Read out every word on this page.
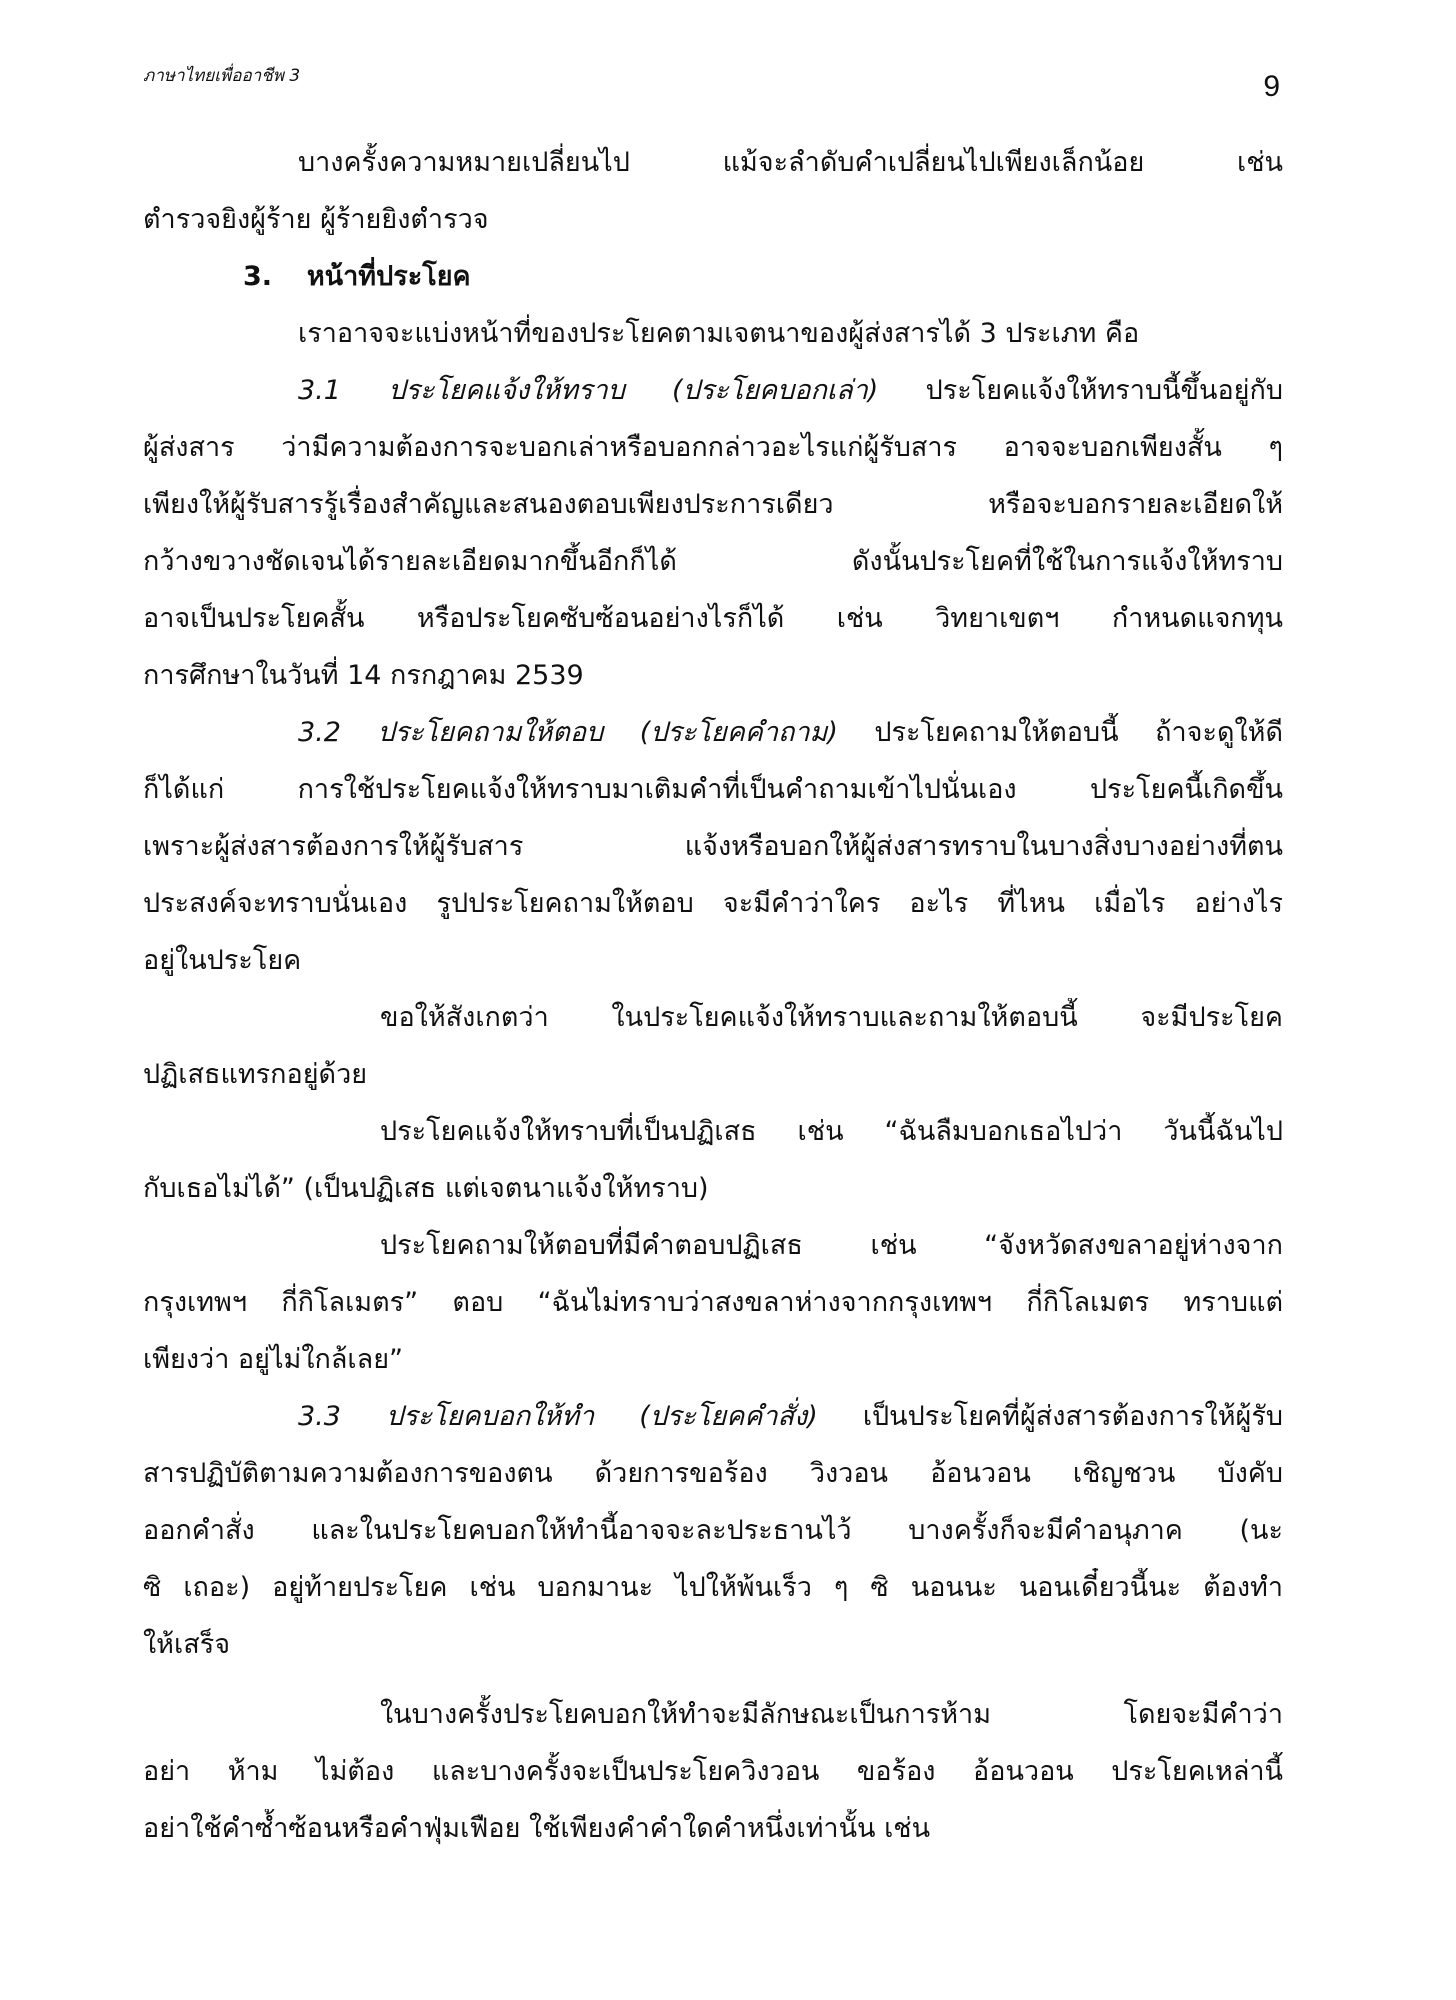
ภาษาไทยเพื่ออาชีพ 3	9
บางครั้งความหมายเปลี่ยนไป แม้จะลำดับคำเปลี่ยนไปเพียงเล็กน้อย เช่น
ตำรวจยิงผู้ร้าย ผู้ร้ายยิงตำรวจ
3. หน้าที่ประโยค
เราอาจจะแบ่งหน้าที่ของประโยคตามเจตนาของผู้ส่งสารได้ 3 ประเภท คือ
3.1 ประโยคแจ้งให้ทราบ (ประโยคบอกเล่า) ประโยคแจ้งให้ทราบนี้ขึ้นอยู่กับ
ผู้ส่งสาร ว่ามีความต้องการจะบอกเล่าหรือบอกกล่าวอะไรแก่ผู้รับสาร อาจจะบอกเพียงสั้น ๆ
เพียงให้ผู้รับสารรู้เรื่องสำคัญและสนองตอบเพียงประการเดียว หรือจะบอกรายละเอียดให้
กว้างขวางชัดเจนได้รายละเอียดมากขึ้นอีกก็ได้ ดังนั้นประโยคที่ใช้ในการแจ้งให้ทราบ
อาจเป็นประโยคสั้น หรือประโยคซับซ้อนอย่างไรก็ได้ เช่น วิทยาเขตฯ กำหนดแจกทุน
การศึกษาในวันที่ 14 กรกฎาคม 2539
3.2 ประโยคถามให้ตอบ (ประโยคคำถาม) ประโยคถามให้ตอบนี้ ถ้าจะดูให้ดี
ก็ได้แก่ การใช้ประโยคแจ้งให้ทราบมาเติมคำที่เป็นคำถามเข้าไปนั่นเอง ประโยคนี้เกิดขึ้น
เพราะผู้ส่งสารต้องการให้ผู้รับสาร แจ้งหรือบอกให้ผู้ส่งสารทราบในบางสิ่งบางอย่างที่ตน
ประสงค์จะทราบนั่นเอง รูปประโยคถามให้ตอบ จะมีคำว่าใคร อะไร ที่ไหน เมื่อไร อย่างไร
อยู่ในประโยค
ขอให้สังเกตว่า ในประโยคแจ้งให้ทราบและถามให้ตอบนี้ จะมีประโยค
ปฏิเสธแทรกอยู่ด้วย
ประโยคแจ้งให้ทราบที่เป็นปฏิเสธ เช่น “ฉันลืมบอกเธอไปว่า วันนี้ฉันไป
กับเธอไม่ได้” (เป็นปฏิเสธ แต่เจตนาแจ้งให้ทราบ)
ประโยคถามให้ตอบที่มีคำตอบปฏิเสธ เช่น “จังหวัดสงขลาอยู่ห่างจาก
กรุงเทพฯ กี่กิโลเมตร” ตอบ “ฉันไม่ทราบว่าสงขลาห่างจากกรุงเทพฯ กี่กิโลเมตร ทราบแต่
เพียงว่า อยู่ไม่ใกล้เลย”
3.3 ประโยคบอกให้ทำ (ประโยคคำสั่ง) เป็นประโยคที่ผู้ส่งสารต้องการให้ผู้รับ
สารปฏิบัติตามความต้องการของตน ด้วยการขอร้อง วิงวอน อ้อนวอน เชิญชวน บังคับ
ออกคำสั่ง และในประโยคบอกให้ทำนี้อาจจะละประธานไว้ บางครั้งก็จะมีคำอนุภาค (นะ
ซิ เถอะ) อยู่ท้ายประโยค เช่น บอกมานะ ไปให้พ้นเร็ว ๆ ซิ นอนนะ นอนเดี๋ยวนี้นะ ต้องทำ
ให้เสร็จ
ในบางครั้งประโยคบอกให้ทำจะมีลักษณะเป็นการห้าม โดยจะมีคำว่า
อย่า ห้าม ไม่ต้อง และบางครั้งจะเป็นประโยควิงวอน ขอร้อง อ้อนวอน ประโยคเหล่านี้
อย่าใช้คำซ้ำซ้อนหรือคำฟุ่มเฟือย ใช้เพียงคำคำใดคำหนึ่งเท่านั้น เช่น
